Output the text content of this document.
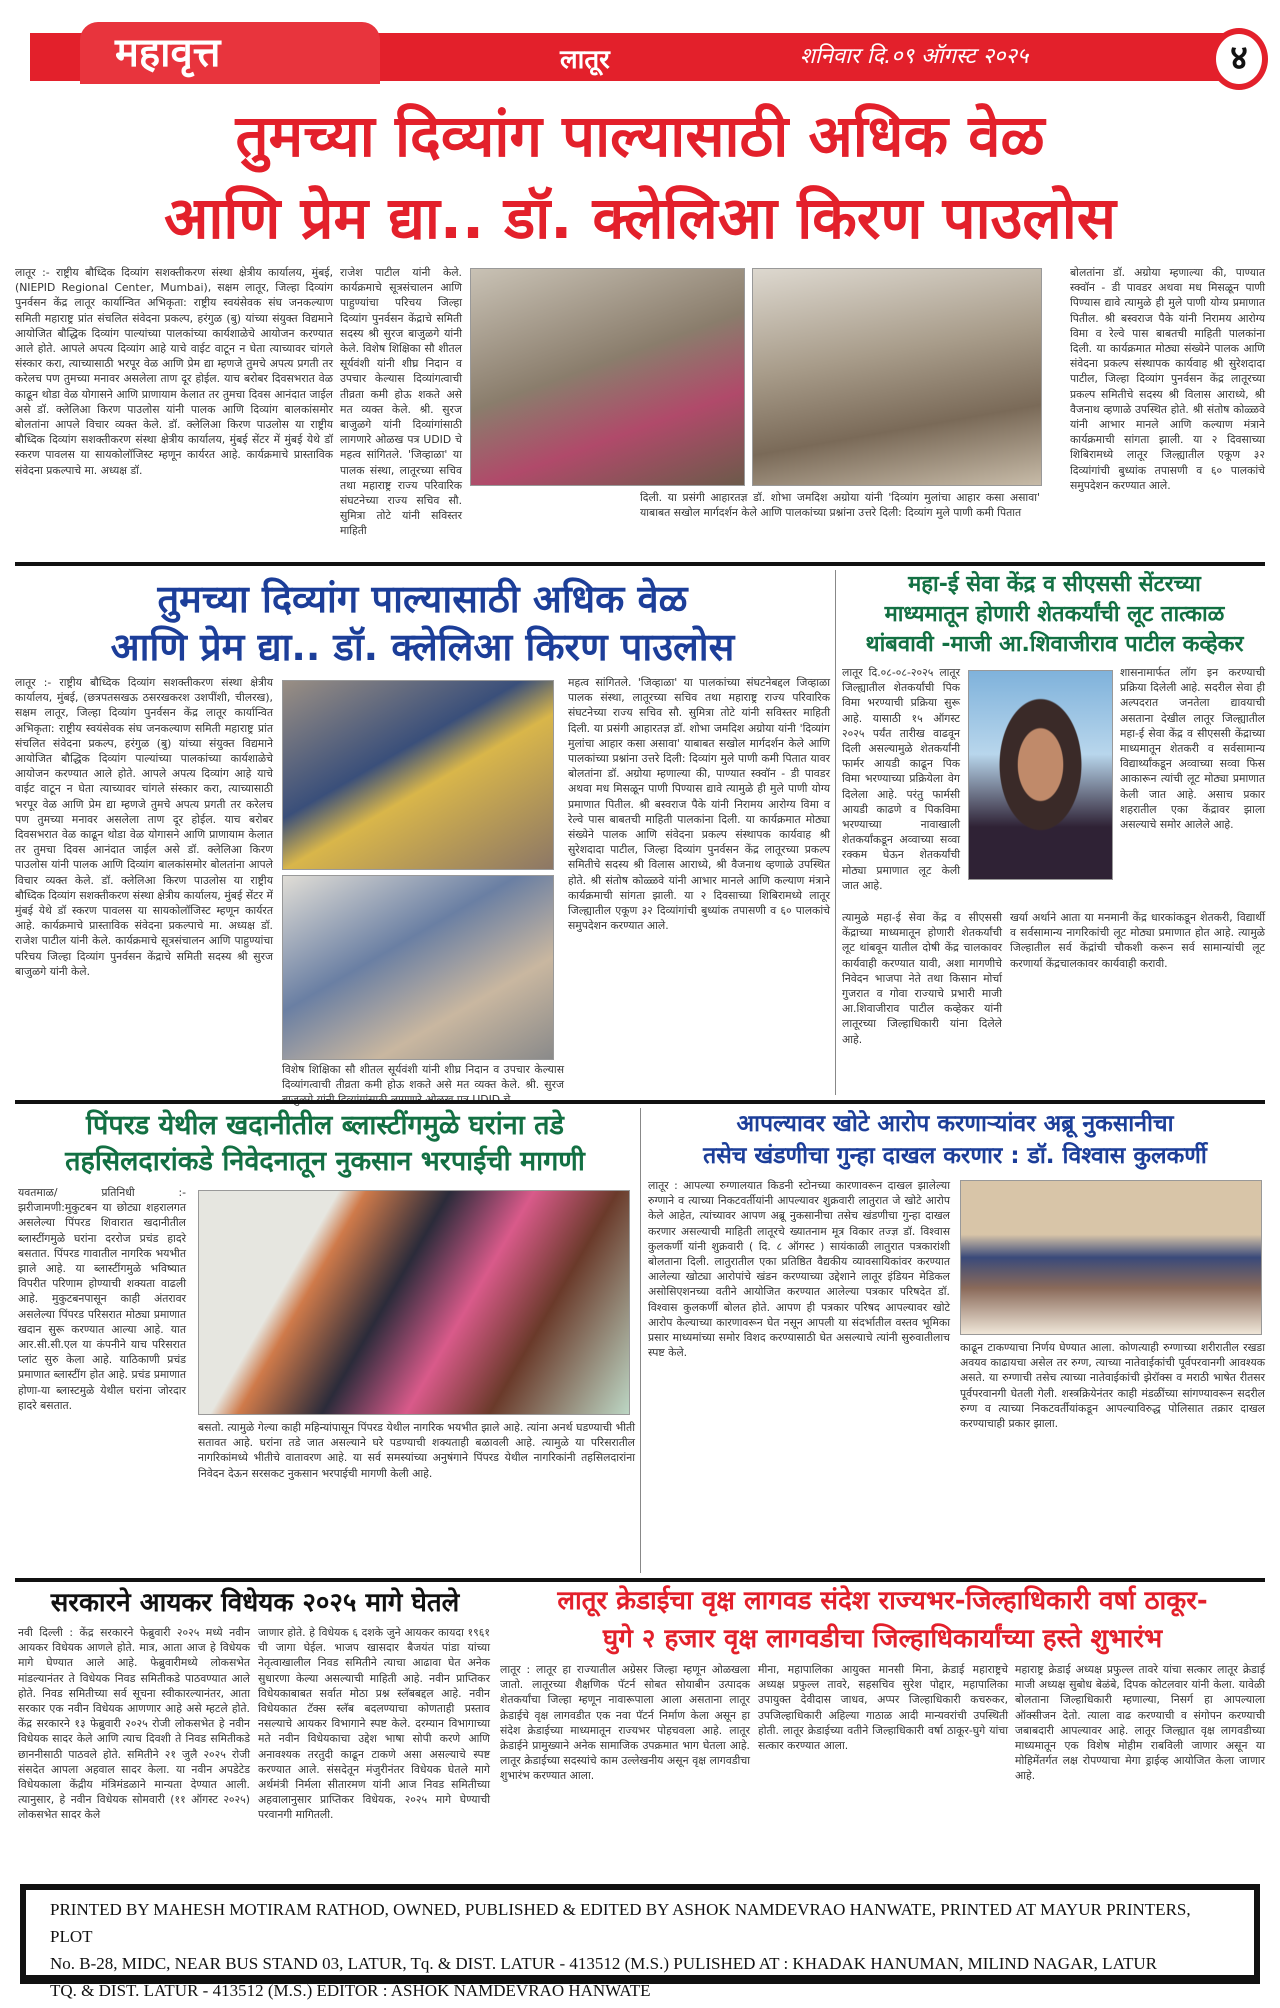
महावृत्त	लातूर	शनिवार दि.०९ ऑगस्ट २०२५	४
तुमच्या दिव्यांग पाल्यासाठी अधिक वेळ
आणि प्रेम द्या.. डॉ. क्लेलिआ किरण पाउलोस
लातूर :- राष्ट्रीय बौध्दिक दिव्यांग सशक्तीकरण संस्था क्षेत्रीय कार्यालय, मुंबई, (NIEPID Regional Center, Mumbai), सक्षम लातूर, जिल्हा दिव्यांग पुनर्वसन केंद्र लातूर कार्यान्वित अभिकृता: राष्ट्रीय स्वयंसेवक संघ जनकल्याण समिती महाराष्ट्र प्रांत संचलित संवेदना प्रकल्प, हरंगुळ (बु) यांच्या संयुक्त विद्यमाने आयोजित बौद्धिक दिव्यांग पाल्यांच्या पालकांच्या कार्यशाळेचे आयोजन करण्यात आले होते. आपले अपत्य दिव्यांग आहे याचे वाईट वाटून न घेता त्याच्यावर चांगले संस्कार करा, त्याच्यासाठी भरपूर वेळ आणि प्रेम द्या म्हणजे तुमचे अपत्य प्रगती तर करेलच पण तुमच्या मनावर असलेला ताण दूर होईल. याच बरोबर दिवसभरात वेळ काढून थोडा वेळ योगासने आणि प्राणायाम केलात तर तुमचा दिवस आनंदात जाईल असे डॉ. क्लेलिआ किरण पाउलोस यांनी पालक आणि दिव्यांग बालकांसमोर बोलतांना आपले विचार व्यक्त केले. डॉ. क्लेलिआ किरण पाउलोस या राष्ट्रीय बौध्दिक दिव्यांग सशक्तीकरण संस्था क्षेत्रीय कार्यालय, मुंबई सेंटर में मुंबई येथे डॉ स्करण पावलस या सायकोलॉजिस्ट म्हणून कार्यरत आहे. कार्यक्रमाचे प्रास्ताविक संवेदना प्रकल्पाचे मा. अध्यक्ष डॉ.
राजेश पाटील यांनी केले. कार्यक्रमाचे सूत्रसंचालन आणि पाहुण्यांचा परिचय जिल्हा दिव्यांग पुनर्वसन केंद्राचे समिती सदस्य श्री सुरज बाजुळगे यांनी केले. विशेष शिक्षिका सौ शीतल सूर्यवंशी यांनी शीघ्र निदान व उपचार केल्यास दिव्यांगत्वाची तीव्रता कमी होऊ शकते असे मत व्यक्त केले. श्री. सुरज बाजुळगे यांनी दिव्यांगांसाठी लागणारे ओळख पत्र UDID चे महत्व सांगितले. 'जिव्हाळा' या पालक संस्था, लातूरच्या सचिव तथा महाराष्ट्र राज्य परिवारिक संघटनेच्या राज्य सचिव सौ. सुमित्रा तोटे यांनी सविस्तर माहिती
दिली. या प्रसंगी आहारतज्ञ डॉ. शोभा जमदिश अग्रोया यांनी 'दिव्यांग मुलांचा आहार कसा असावा' याबाबत सखोल मार्गदर्शन केले आणि पालकांच्या प्रश्नांना उत्तरे दिली: दिव्यांग मुले पाणी कमी पितात
बोलतांना डॉ. अग्रोया म्हणाल्या की, पाण्यात स्क्वॉन - डी पावडर अथवा मध मिसळून पाणी पिण्यास द्यावे त्यामुळे ही मुले पाणी योग्य प्रमाणात पितील. श्री बस्वराज पैके यांनी निरामय आरोग्य विमा व रेल्वे पास बाबतची माहिती पालकांना दिली. या कार्यक्रमात मोठ्या संख्येने पालक आणि संवेदना प्रकल्प संस्थापक कार्यवाह श्री सुरेशदादा पाटील, जिल्हा दिव्यांग पुनर्वसन केंद्र लातूरच्या प्रकल्प समितीचे सदस्य श्री विलास आराध्ये, श्री वैजनाथ व्हणाळे उपस्थित होते. श्री संतोष कोळ्ळवे यांनी आभार मानले आणि कल्याण मंत्राने कार्यक्रमाची सांगता झाली. या २ दिवसाच्या शिबिरामध्ये लातूर जिल्ह्यातील एकूण ३२ दिव्यांगांची बुध्यांक तपासणी व ६० पालकांचे समुपदेशन करण्यात आले.
तुमच्या दिव्यांग पाल्यासाठी अधिक वेळ
आणि प्रेम द्या.. डॉ. क्लेलिआ किरण पाउलोस
लातूर :- राष्ट्रीय बौध्दिक दिव्यांग सशक्तीकरण संस्था क्षेत्रीय कार्यालय, मुंबई, (छत्रपतसखऊ ठसरखकरश उशपींशी, चीलरख), सक्षम लातूर, जिल्हा दिव्यांग पुनर्वसन केंद्र लातूर कार्यान्वित अभिकृता: राष्ट्रीय स्वयंसेवक संघ जनकल्याण समिती महाराष्ट्र प्रांत संचलित संवेदना प्रकल्प, हरंगुळ (बु) यांच्या संयुक्त विद्यमाने आयोजित बौद्धिक दिव्यांग पाल्यांच्या पालकांच्या कार्यशाळेचे आयोजन करण्यात आले होते. आपले अपत्य दिव्यांग आहे याचे वाईट वाटून न घेता त्याच्यावर चांगले संस्कार करा, त्याच्यासाठी भरपूर वेळ आणि प्रेम द्या म्हणजे तुमचे अपत्य प्रगती तर करेलच पण तुमच्या मनावर असलेला ताण दूर होईल. याच बरोबर दिवसभरात वेळ काढून थोडा वेळ योगासने आणि प्राणायाम केलात तर तुमचा दिवस आनंदात जाईल असे डॉ. क्लेलिआ किरण पाउलोस यांनी पालक आणि दिव्यांग बालकांसमोर बोलतांना आपले विचार व्यक्त केले. डॉ. क्लेलिआ किरण पाउलोस या राष्ट्रीय बौध्दिक दिव्यांग सशक्तीकरण संस्था क्षेत्रीय कार्यालय, मुंबई सेंटर में मुंबई येथे डॉ स्करण पावलस या सायकोलॉजिस्ट म्हणून कार्यरत आहे. कार्यक्रमाचे प्रास्ताविक संवेदना प्रकल्पाचे मा. अध्यक्ष डॉ. राजेश पाटील यांनी केले. कार्यक्रमाचे सूत्रसंचालन आणि पाहुण्यांचा परिचय जिल्हा दिव्यांग पुनर्वसन केंद्राचे समिती सदस्य श्री सुरज बाजुळगे यांनी केले.
विशेष शिक्षिका सौ शीतल सूर्यवंशी यांनी शीघ्र निदान व उपचार केल्यास दिव्यांगत्वाची तीव्रता कमी होऊ शकते असे मत व्यक्त केले. श्री. सुरज
महत्व सांगितले. 'जिव्हाळा' या पालकांच्या संघटनेबद्दल जिव्हाळा पालक संस्था, लातूरच्या सचिव तथा महाराष्ट्र राज्य परिवारिक संघटनेच्या राज्य सचिव सौ. सुमित्रा तोटे यांनी सविस्तर माहिती दिली. या प्रसंगी आहारतज्ञ डॉ. शोभा जमदिश अग्रोया यांनी 'दिव्यांग मुलांचा आहार कसा असावा' याबाबत सखोल मार्गदर्शन केले आणि पालकांच्या प्रश्नांना उत्तरे दिली: दिव्यांग मुले पाणी कमी पितात यावर बोलतांना डॉ. अग्रोया म्हणाल्या की, पाण्यात स्क्वॉन - डी पावडर अथवा मध मिसळून पाणी पिण्यास द्यावे त्यामुळे ही मुले पाणी योग्य प्रमाणात पितील. श्री बस्वराज पैके यांनी निरामय आरोग्य विमा व रेल्वे पास बाबतची माहिती पालकांना दिली. या कार्यक्रमात मोठ्या संख्येने पालक आणि संवेदना प्रकल्प संस्थापक कार्यवाह श्री सुरेशदादा पाटील, जिल्हा दिव्यांग पुनर्वसन केंद्र लातूरच्या प्रकल्प समितीचे सदस्य श्री विलास आराध्ये, श्री वैजनाथ व्हणाळे उपस्थित होते. श्री संतोष कोळ्ळवे यांनी आभार मानले आणि कल्याण मंत्राने कार्यक्रमाची सांगता झाली. या २ दिवसाच्या शिबिरामध्ये लातूर जिल्ह्यातील एकूण ३२ दिव्यांगांची बुध्यांक तपासणी व ६० पालकांचे समुपदेशन करण्यात आले.
महा-ई सेवा केंद्र व सीएससी सेंटरच्या
माध्यमातून होणारी शेतकर्यांची लूट तात्काळ
थांबवावी -माजी आ.शिवाजीराव पाटील कव्हेकर
लातूर दि.०८-०८-२०२५ लातूर जिल्ह्यातील शेतकर्यांची पिक विमा भरण्याची प्रक्रिया सुरू आहे. यासाठी १५ ऑगस्ट २०२५ पर्यंत तारीख वाढवून दिली असल्यामुळे शेतकर्यांनी फार्मर आयडी काढून पिक विमा भरण्याच्या प्रक्रियेला वेग दिलेला आहे. परंतु फार्मसी आयडी काढणे व पिकविमा भरण्याच्या नावाखाली शेतकर्यांकडून अव्वाच्या सव्वा रक्कम घेऊन शेतकर्यांची मोठ्या प्रमाणात लूट केली जात आहे.
शासनामार्फत लॉग इन करण्याची प्रक्रिया दिलेली आहे. सदरील सेवा ही अल्पदरात जनतेला द्यावयाची असताना देखील लातूर जिल्ह्यातील महा-ई सेवा केंद्र व सीएससी केंद्राच्या माध्यमातून शेतकरी व सर्वसामान्य विद्यार्थ्यांकडून अव्वाच्या सव्वा फिस आकारून त्यांची लूट मोठ्या प्रमाणात केली जात आहे. असाच प्रकार शहरातील एका केंद्रावर झाला असल्याचे समोर आलेले आहे.
त्यामुळे महा-ई सेवा केंद्र व सीएससी केंद्राच्या माध्यमातून होणारी शेतकर्यांची लूट थांबवून यातील दोषी केंद्र चालकावर कार्यवाही करण्यात यावी, अशा मागणीचे निवेदन भाजपा नेते तथा किसान मोर्चा गुजरात व गोवा राज्याचे प्रभारी माजी आ.शिवाजीराव पाटील कव्हेकर यांनी लातूरच्या जिल्हाधिकारी यांना दिलेले आहे.
खर्या अर्थाने आता या मनमानी केंद्र धारकांकडून शेतकरी, विद्यार्थी व सर्वसामान्य नागरिकांची लूट मोठ्या प्रमाणात होत आहे. त्यामुळे जिल्हातील सर्व केंद्रांची चौकशी करून सर्व सामान्यांची लूट करणार्या केंद्रचालकावर कार्यवाही करावी.
पिंपरड येथील खदानीतील ब्लास्टींगमुळे घरांना तडे
तहसिलदारांकडे निवेदनातून नुकसान भरपाईची मागणी
यवतमाळ/ प्रतिनिधी :- झरीजामणी:मुकुटबन या छोट्या शहरालगत असलेल्या पिंपरड शिवारात खदानीतील ब्लास्टींगमुळे घरांना दररोज प्रचंड हादरे बसतात. पिंपरड गावातील नागरिक भयभीत झाले आहे. या ब्लास्टींगमुळे भविष्यात विपरीत परिणाम होण्याची शक्यता वाढली आहे. मुकुटबनपासून काही अंतरावर असलेल्या पिंपरड परिसरात मोठ्या प्रमाणात खदान सुरू करण्यात आल्या आहे. यात आर.सी.सी.एल या कंपनीने याच परिसरात प्लांट सुरु केला आहे. याठिकाणी प्रचंड प्रमाणात ब्लास्टींग होत आहे. प्रचंड प्रमाणात होणा-या ब्लास्टमुळे येथील घरांना जोरदार हादरे बसतात.
बसतो. त्यामुळे गेल्या काही महिन्यांपासून पिंपरड येथील नागरिक भयभीत झाले आहे. त्यांना अनर्थ घडण्याची भीती सतावत आहे. घरांना तडे जात असल्याने घरे पडण्याची शक्यताही बळावली आहे. त्यामुळे या परिसरातील नागरिकांमध्ये भीतीचे वातावरण आहे. या सर्व समस्यांच्या अनुषंगाने पिंपरड येथील नागरिकांनी तहसिलदारांना निवेदन देऊन सरसकट नुकसान भरपाईची मागणी केली आहे.
आपल्यावर खोटे आरोप करणार्‍यांवर अब्रू नुकसानीचा
तसेच खंडणीचा गुन्हा दाखल करणार : डॉ. विश्वास कुलकर्णी
लातूर : आपल्या रुग्णालयात किडनी स्टोनच्या कारणावरून दाखल झालेल्या रुग्णाने व त्याच्या निकटवर्तीयांनी आपल्यावर शुक्रवारी लातुरात जे खोटे आरोप केले आहेत, त्यांच्यावर आपण अब्रू नुकसानीचा तसेच खंडणीचा गुन्हा दाखल करणार असल्याची माहिती लातूरचे ख्यातनाम मूत्र विकार तज्ज्ञ डॉ. विश्वास कुलकर्णी यांनी शुक्रवारी ( दि. ८ ऑगस्ट ) सायंकाळी लातुरात पत्रकारांशी बोलताना दिली. लातुरातील एका प्रतिष्ठित वैद्यकीय व्यावसायिकांवर करण्यात आलेल्या खोट्या आरोपांचे खंडन करण्याच्या उद्देशाने लातूर इंडियन मेडिकल असोसिएशनच्या वतीने आयोजित करण्यात आलेल्या पत्रकार परिषदेत डॉ. विश्वास कुलकर्णी बोलत होते. आपण ही पत्रकार परिषद आपल्यावर खोटे आरोप केल्याच्या कारणावरून घेत नसून आपली या संदर्भातील वस्तव भूमिका प्रसार माध्यमांच्या समोर विशद करण्यासाठी घेत असल्याचे त्यांनी सुरुवातीलाच स्पष्ट केले.	काढून टाकण्याचा निर्णय घेण्यात आला. कोणत्याही रुग्णाच्या शरीरातील रखडा अवयव काढायचा असेल तर रुग्ण, त्याच्या नातेवाईकांची पूर्वपरवानगी आवश्यक असते. या रुग्णाची तसेच त्याच्या नातेवाईकांची झेरॉक्स व मराठी भाषेत रीतसर पूर्वपरवानगी घेतली गेली. शस्त्रक्रियेनंतर काही मंडळींच्या सांगण्यावरून सदरील रुग्ण व त्याच्या निकटवर्तीयांकडून आपल्याविरुद्ध पोलिसात तक्रार दाखल करण्याचाही प्रकार झाला.
सरकारने आयकर विधेयक २०२५ मागे घेतले
नवी दिल्ली : केंद्र सरकारने फेब्रुवारी २०२५ मध्ये नवीन आयकर विधेयक आणले होते. मात्र, आता आज हे विधेयक मागे घेण्यात आले आहे. फेब्रुवारीमध्ये लोकसभेत मांडल्यानंतर ते विधेयक निवड समितीकडे पाठवण्यात आले होते. निवड समितीच्या सर्व सूचना स्वीकारल्यानंतर, आता सरकार एक नवीन विधेयक आणणार आहे असे म्हटले होते. केंद्र सरकारने १३ फेब्रुवारी २०२५ रोजी लोकसभेत हे नवीन विधेयक सादर केले आणि त्याच दिवशी ते निवड समितीकडे छाननीसाठी पाठवले होते. समितीने २१ जुलै २०२५ रोजी संसदेत आपला अहवाल सादर केला. या नवीन अपडेटेड विधेयकाला केंद्रीय मंत्रिमंडळाने मान्यता देण्यात आली. त्यानुसार, हे नवीन विधेयक सोमवारी (११ ऑगस्ट २०२५) लोकसभेत सादर केले
जाणार होते. हे विधेयक ६ दशके जुने आयकर कायदा १९६१ ची जागा घेईल. भाजप खासदार बैजयंत पांडा यांच्या नेतृत्वाखालील निवड समितीने त्याचा आढावा घेत अनेक सुधारणा केल्या असल्याची माहिती आहे. नवीन प्राप्तिकर विधेयकाबाबत सर्वात मोठा प्रश्न स्लॅबबद्दल आहे. नवीन विधेयकात टॅक्स स्लॅब बदलण्याचा कोणताही प्रस्ताव नसल्याचे आयकर विभागाने स्पष्ट केले. दरम्यान विभागाच्या मते नवीन विधेयकाचा उद्देश भाषा सोपी करणे आणि अनावश्यक तरतुदी काढून टाकणे असा असल्याचे स्पष्ट करण्यात आले. संसदेतून मंजुरीनंतर विधेयक घेतले मागे अर्थमंत्री निर्मला सीतारमण यांनी आज निवड समितीच्या अहवालानुसार प्राप्तिकर विधेयक, २०२५ मागे घेण्याची परवानगी मागितली.
लातूर क्रेडाईचा वृक्ष लागवड संदेश राज्यभर-जिल्हाधिकारी वर्षा ठाकूर-
घुगे २ हजार वृक्ष लागवडीचा जिल्हाधिकार्यांच्या हस्ते शुभारंभ
लातूर : लातूर हा राज्यातील अग्रेसर जिल्हा म्हणून ओळखला जातो. लातूरच्या शैक्षणिक पॅटर्न सोबत सोयाबीन उत्पादक शेतकर्यांचा जिल्हा म्हणून नावारूपाला आला असताना लातूर क्रेडाईचे वृक्ष लागवडीत एक नवा पॅटर्न निर्माण केला असून हा संदेश क्रेडाईच्या माध्यमातून राज्यभर पोहचवला आहे. लातूर क्रेडाईने प्रामुख्याने अनेक सामाजिक उपक्रमात भाग घेतला आहे. लातूर क्रेडाईच्या सदस्यांचे काम उल्लेखनीय असून वृक्ष लागवडीचा शुभारंभ करण्यात आला.
मीना, महापालिका आयुक्त मानसी मिना, क्रेडाई महाराष्ट्रचे अध्यक्ष प्रफुल्ल तावरे, सहसचिव सुरेश पोद्दार, महापालिका उपायुक्त देवीदास जाधव, अप्पर जिल्हाधिकारी कचरुकर, उपजिल्हाधिकारी अहिल्या गाठाळ आदी मान्यवरांची उपस्थिती होती. लातूर क्रेडाईच्या वतीने जिल्हाधिकारी वर्षा ठाकूर-घुगे यांचा सत्कार करण्यात आला.
महाराष्ट्र क्रेडाई अध्यक्ष प्रफुल्ल तावरे यांचा सत्कार लातूर क्रेडाई माजी अध्यक्ष सुबोध बेळंबे, दिपक कोटलवार यांनी केला. यावेळी बोलताना जिल्हाधिकारी म्हणाल्या, निसर्ग हा आपल्याला ऑक्सीजन देतो. त्याला वाढ करण्याची व संगोपन करण्याची जबाबदारी आपल्यावर आहे. लातूर जिल्ह्यात वृक्ष लागवडीच्या माध्यमातून एक विशेष मोहीम राबविली जाणार असून या मोहिमेंतर्गत लक्ष रोपण्याचा मेगा ड्राईव्ह आयोजित केला जाणार आहे.
PRINTED BY MAHESH MOTIRAM RATHOD, OWNED, PUBLISHED & EDITED BY ASHOK NAMDEVRAO HANWATE, PRINTED AT MAYUR PRINTERS, PLOT
No. B-28, MIDC, NEAR BUS STAND 03, LATUR, Tq. & DIST. LATUR - 413512 (M.S.) PULISHED AT : KHADAK HANUMAN, MILIND NAGAR, LATUR
TQ. & DIST. LATUR - 413512 (M.S.) EDITOR : ASHOK NAMDEVRAO HANWATE
